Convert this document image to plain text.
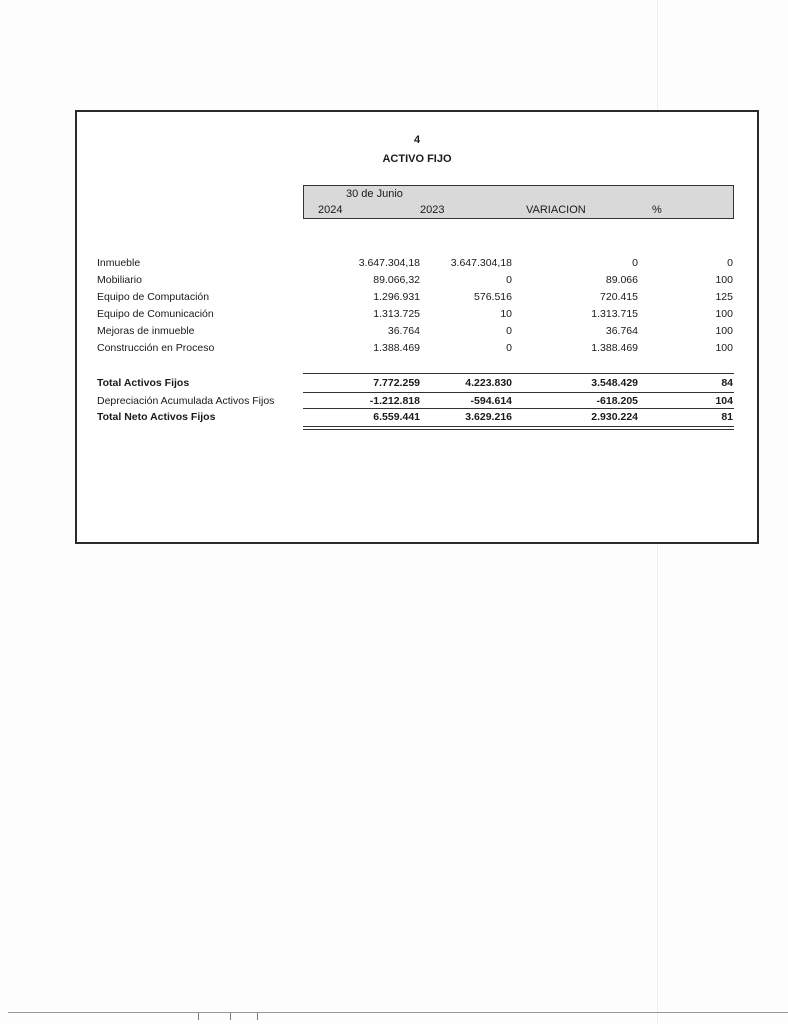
4
ACTIVO FIJO
30 de Junio
2024	2023	VARIACION	%
Inmueble	3.647.304,18	3.647.304,18	0	0
Mobiliario	89.066,32	0	89.066	100
Equipo de Computación	1.296.931	576.516	720.415	125
Equipo de Comunicación	1.313.725	10	1.313.715	100
Mejoras de inmueble	36.764	0	36.764	100
Construcción en Proceso	1.388.469	0	1.388.469	100
Total Activos Fijos	7.772.259	4.223.830	3.548.429	84
Depreciación Acumulada Activos Fijos	-1.212.818	-594.614	-618.205	104
Total Neto Activos Fijos	6.559.441	3.629.216	2.930.224	81
